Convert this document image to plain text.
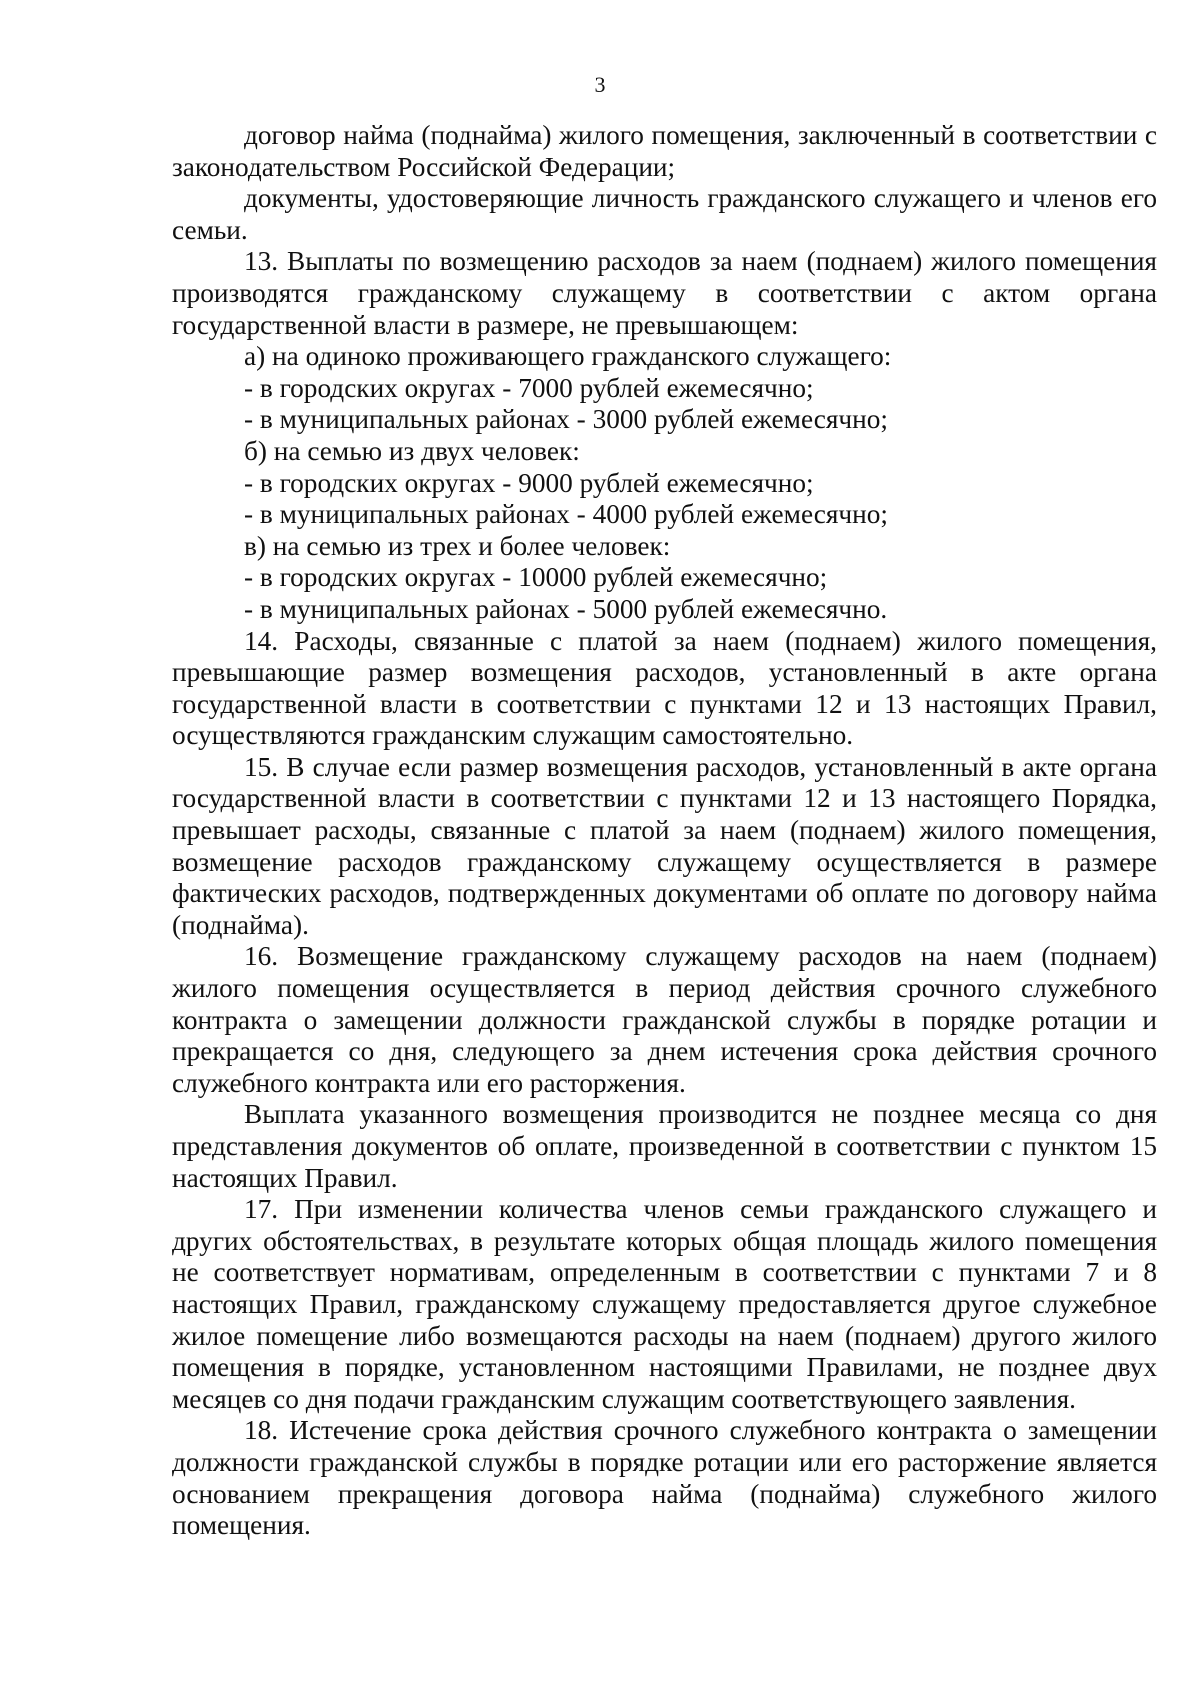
3

договор найма (поднайма) жилого помещения, заключенный в соответствии с законодательством Российской Федерации;

документы, удостоверяющие личность гражданского служащего и членов его семьи.

13. Выплаты по возмещению расходов за наем (поднаем) жилого помещения производятся гражданскому служащему в соответствии с актом органа государственной власти в размере, не превышающем:

а) на одиноко проживающего гражданского служащего:

- в городских округах - 7000 рублей ежемесячно;

- в муниципальных районах - 3000 рублей ежемесячно;

б) на семью из двух человек:

- в городских округах - 9000 рублей ежемесячно;

- в муниципальных районах - 4000 рублей ежемесячно;

в) на семью из трех и более человек:

- в городских округах - 10000 рублей ежемесячно;

- в муниципальных районах - 5000 рублей ежемесячно.

14. Расходы, связанные с платой за наем (поднаем) жилого помещения, превышающие размер возмещения расходов, установленный в акте органа государственной власти в соответствии с пунктами 12 и 13 настоящих Правил, осуществляются гражданским служащим самостоятельно.

15. В случае если размер возмещения расходов, установленный в акте органа государственной власти в соответствии с пунктами 12 и 13 настоящего Порядка, превышает расходы, связанные с платой за наем (поднаем) жилого помещения, возмещение расходов гражданскому служащему осуществляется в размере фактических расходов, подтвержденных документами об оплате по договору найма (поднайма).

16. Возмещение гражданскому служащему расходов на наем (поднаем) жилого помещения осуществляется в период действия срочного служебного контракта о замещении должности гражданской службы в порядке ротации и прекращается со дня, следующего за днем истечения срока действия срочного служебного контракта или его расторжения.

Выплата указанного возмещения производится не позднее месяца со дня представления документов об оплате, произведенной в соответствии с пунктом 15 настоящих Правил.

17. При изменении количества членов семьи гражданского служащего и других обстоятельствах, в результате которых общая площадь жилого помещения не соответствует нормативам, определенным в соответствии с пунктами 7 и 8 настоящих Правил, гражданскому служащему предоставляется другое служебное жилое помещение либо возмещаются расходы на наем (поднаем) другого жилого помещения в порядке, установленном настоящими Правилами, не позднее двух месяцев со дня подачи гражданским служащим соответствующего заявления.

18. Истечение срока действия срочного служебного контракта о замещении должности гражданской службы в порядке ротации или его расторжение является основанием прекращения договора найма (поднайма) служебного жилого помещения.
